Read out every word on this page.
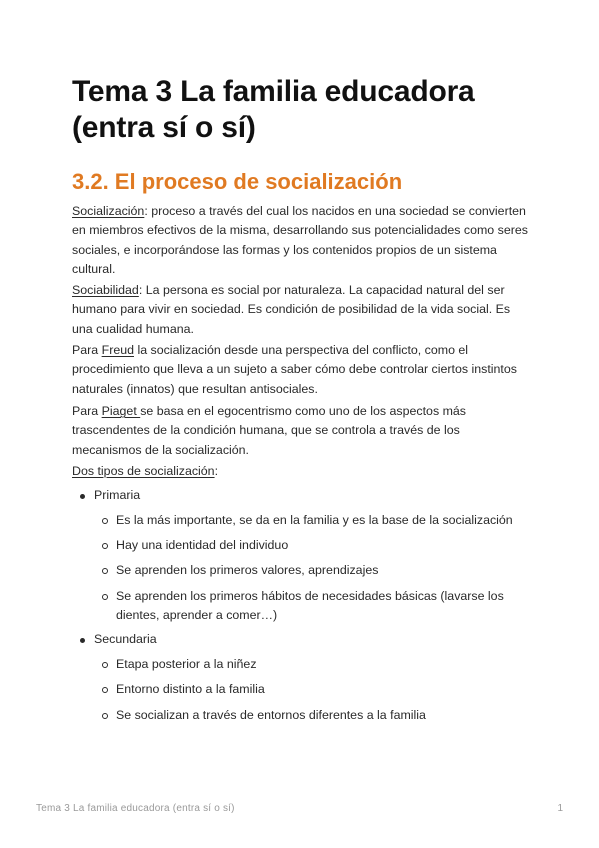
Tema 3 La familia educadora
(entra sí o sí)
3.2. El proceso de socialización
Socialización: proceso a través del cual los nacidos en una sociedad se convierten en miembros efectivos de la misma, desarrollando sus potencialidades como seres sociales, e incorporándose las formas y los contenidos propios de un sistema cultural.
Sociabilidad: La persona es social por naturaleza. La capacidad natural del ser humano para vivir en sociedad. Es condición de posibilidad de la vida social. Es una cualidad humana.
Para Freud la socialización desde una perspectiva del conflicto, como el procedimiento que lleva a un sujeto a saber cómo debe controlar ciertos instintos naturales (innatos) que resultan antisociales.
Para Piaget se basa en el egocentrismo como uno de los aspectos más trascendentes de la condición humana, que se controla a través de los mecanismos de la socialización.
Dos tipos de socialización:
Primaria
Es la más importante, se da en la familia y es la base de la socialización
Hay una identidad del individuo
Se aprenden los primeros valores, aprendizajes
Se aprenden los primeros hábitos de necesidades básicas (lavarse los dientes, aprender a comer…)
Secundaria
Etapa posterior a la niñez
Entorno distinto a la familia
Se socializan a través de entornos diferentes a la familia
Tema 3 La familia educadora (entra sí o sí)	1
